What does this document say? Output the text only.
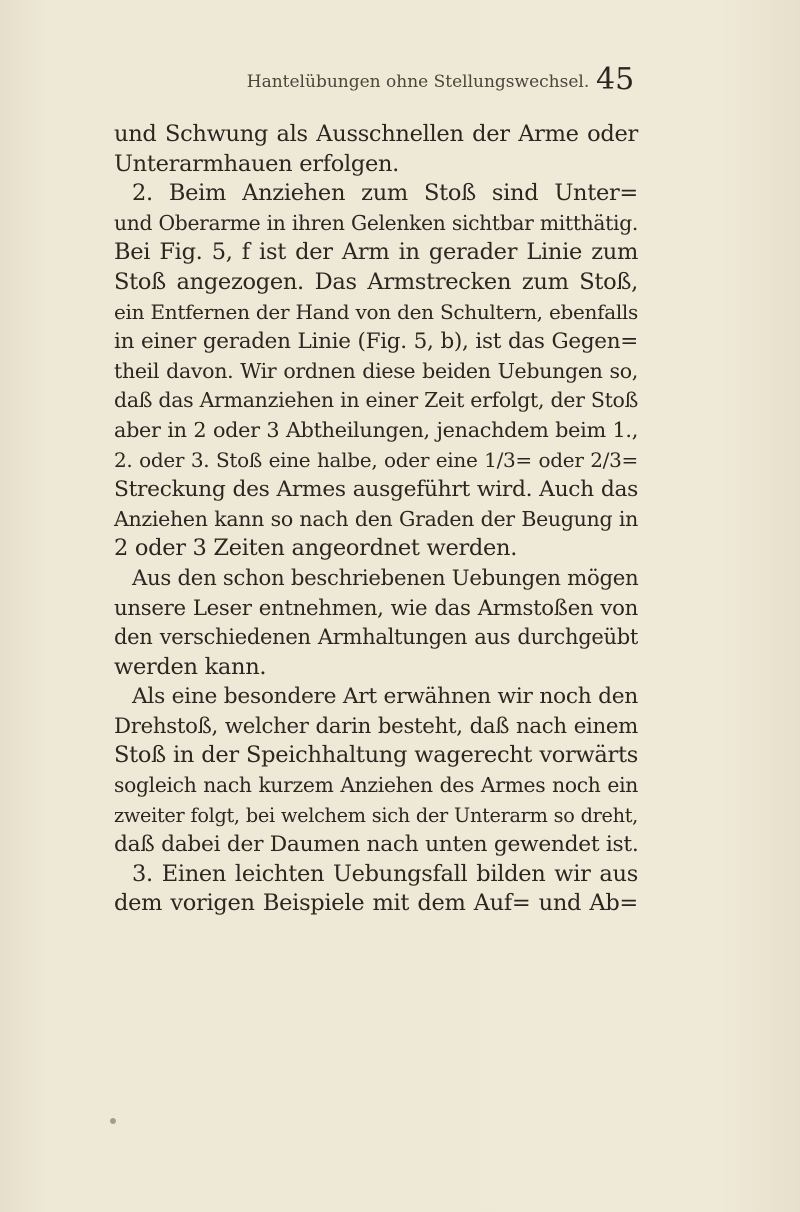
Hantelübungen ohne Stellungswechsel. 45
und Schwung als Ausschnellen der Arme oder
Unterarmhauen erfolgen.
2. Beim Anziehen zum Stoß sind Unter=
und Oberarme in ihren Gelenken sichtbar mitthätig.
Bei Fig. 5, f ist der Arm in gerader Linie zum
Stoß angezogen. Das Armstrecken zum Stoß,
ein Entfernen der Hand von den Schultern, ebenfalls
in einer geraden Linie (Fig. 5, b), ist das Gegen=
theil davon. Wir ordnen diese beiden Uebungen so,
daß das Armanziehen in einer Zeit erfolgt, der Stoß
aber in 2 oder 3 Abtheilungen, jenachdem beim 1.,
2. oder 3. Stoß eine halbe, oder eine 1/3= oder 2/3=
Streckung des Armes ausgeführt wird. Auch das
Anziehen kann so nach den Graden der Beugung in
2 oder 3 Zeiten angeordnet werden.
Aus den schon beschriebenen Uebungen mögen
unsere Leser entnehmen, wie das Armstoßen von
den verschiedenen Armhaltungen aus durchgeübt
werden kann.
Als eine besondere Art erwähnen wir noch den
Drehstoß, welcher darin besteht, daß nach einem
Stoß in der Speichhaltung wagerecht vorwärts
sogleich nach kurzem Anziehen des Armes noch ein
zweiter folgt, bei welchem sich der Unterarm so dreht,
daß dabei der Daumen nach unten gewendet ist.
3. Einen leichten Uebungsfall bilden wir aus
dem vorigen Beispiele mit dem Auf= und Ab=
